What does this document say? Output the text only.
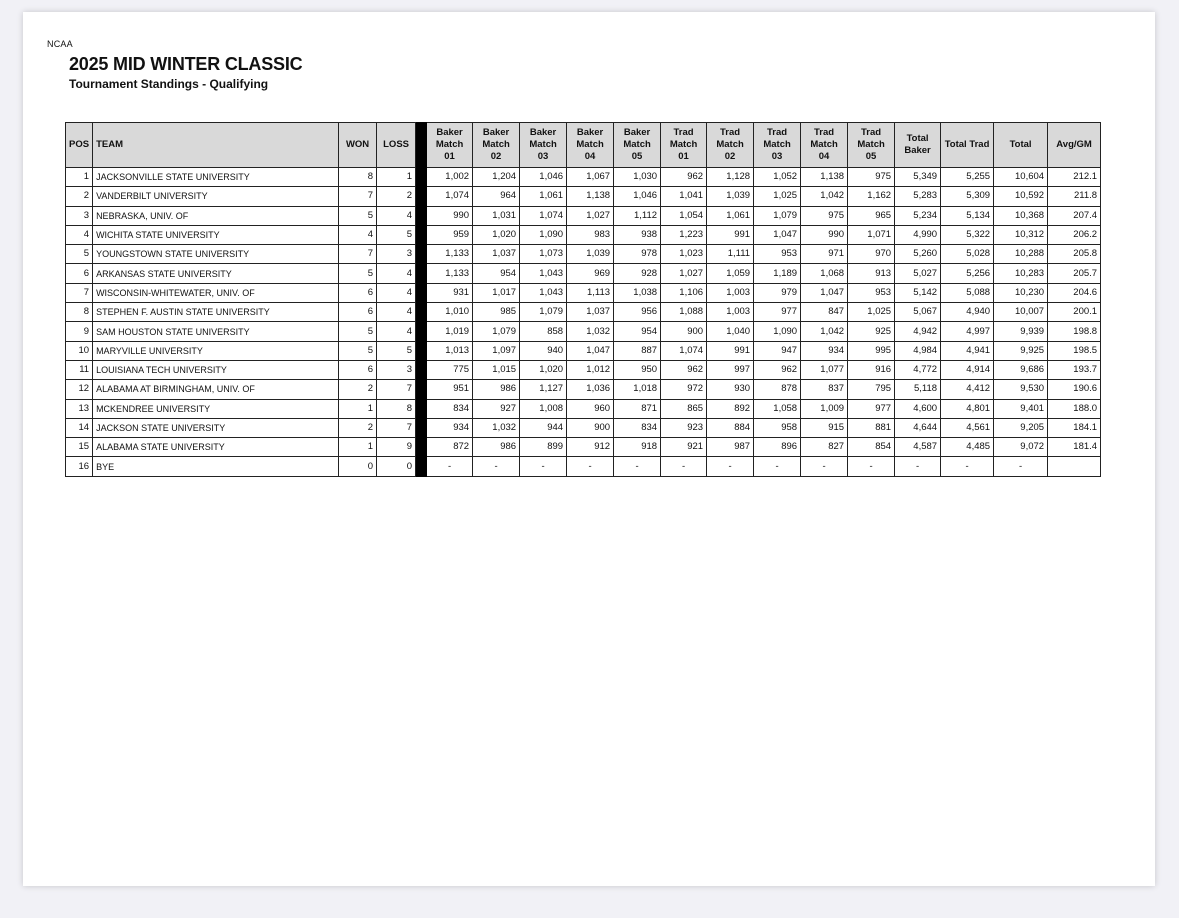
NCAA
2025 MID WINTER CLASSIC
Tournament Standings - Qualifying
POS	TEAM	WON	LOSS		Baker Match 01	Baker Match 02	Baker Match 03	Baker Match 04	Baker Match 05	Trad Match 01	Trad Match 02	Trad Match 03	Trad Match 04	Trad Match 05	Total Baker	Total Trad	Total	Avg/GM
1	JACKSONVILLE STATE UNIVERSITY	8	1		1,002	1,204	1,046	1,067	1,030	962	1,128	1,052	1,138	975	5,349	5,255	10,604	212.1
2	VANDERBILT UNIVERSITY	7	2		1,074	964	1,061	1,138	1,046	1,041	1,039	1,025	1,042	1,162	5,283	5,309	10,592	211.8
3	NEBRASKA, UNIV. OF	5	4		990	1,031	1,074	1,027	1,112	1,054	1,061	1,079	975	965	5,234	5,134	10,368	207.4
4	WICHITA STATE UNIVERSITY	4	5		959	1,020	1,090	983	938	1,223	991	1,047	990	1,071	4,990	5,322	10,312	206.2
5	YOUNGSTOWN STATE UNIVERSITY	7	3		1,133	1,037	1,073	1,039	978	1,023	1,111	953	971	970	5,260	5,028	10,288	205.8
6	ARKANSAS STATE UNIVERSITY	5	4		1,133	954	1,043	969	928	1,027	1,059	1,189	1,068	913	5,027	5,256	10,283	205.7
7	WISCONSIN-WHITEWATER, UNIV. OF	6	4		931	1,017	1,043	1,113	1,038	1,106	1,003	979	1,047	953	5,142	5,088	10,230	204.6
8	STEPHEN F. AUSTIN STATE UNIVERSITY	6	4		1,010	985	1,079	1,037	956	1,088	1,003	977	847	1,025	5,067	4,940	10,007	200.1
9	SAM HOUSTON STATE UNIVERSITY	5	4		1,019	1,079	858	1,032	954	900	1,040	1,090	1,042	925	4,942	4,997	9,939	198.8
10	MARYVILLE UNIVERSITY	5	5		1,013	1,097	940	1,047	887	1,074	991	947	934	995	4,984	4,941	9,925	198.5
11	LOUISIANA TECH UNIVERSITY	6	3		775	1,015	1,020	1,012	950	962	997	962	1,077	916	4,772	4,914	9,686	193.7
12	ALABAMA AT BIRMINGHAM, UNIV. OF	2	7		951	986	1,127	1,036	1,018	972	930	878	837	795	5,118	4,412	9,530	190.6
13	MCKENDREE UNIVERSITY	1	8		834	927	1,008	960	871	865	892	1,058	1,009	977	4,600	4,801	9,401	188.0
14	JACKSON STATE UNIVERSITY	2	7		934	1,032	944	900	834	923	884	958	915	881	4,644	4,561	9,205	184.1
15	ALABAMA STATE UNIVERSITY	1	9		872	986	899	912	918	921	987	896	827	854	4,587	4,485	9,072	181.4
16	BYE	0	0		-	-	-	-	-	-	-	-	-	-	-	-	-	
